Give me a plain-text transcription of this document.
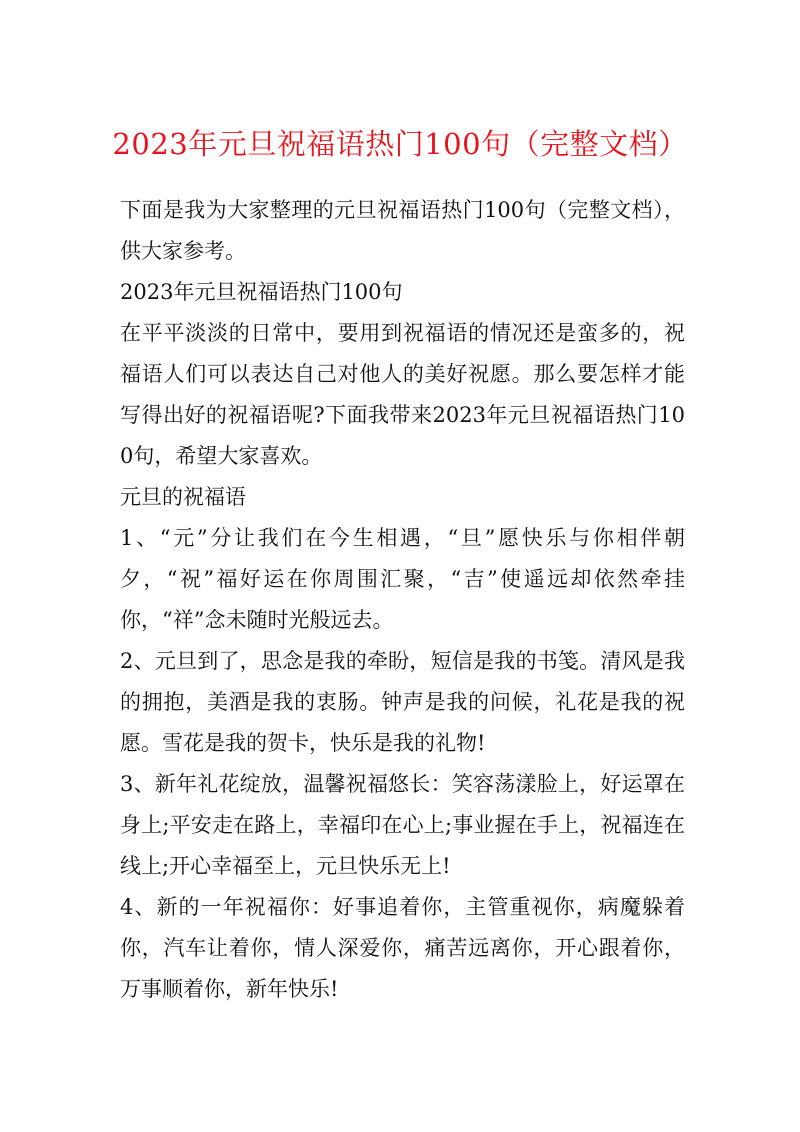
2023年元旦祝福语热门100句（完整文档）

下面是我为大家整理的元旦祝福语热门100句（完整文档），供大家参考。

2023年元旦祝福语热门100句

在平平淡淡的日常中，要用到祝福语的情况还是蛮多的，祝福语人们可以表达自己对他人的美好祝愿。那么要怎样才能写得出好的祝福语呢?下面我带来2023年元旦祝福语热门100句，希望大家喜欢。

元旦的祝福语

1、“元”分让我们在今生相遇，“旦”愿快乐与你相伴朝夕，“祝”福好运在你周围汇聚，“吉”使遥远却依然牵挂你，“祥”念未随时光般远去。

2、元旦到了，思念是我的牵盼，短信是我的书笺。清风是我的拥抱，美酒是我的衷肠。钟声是我的问候，礼花是我的祝愿。雪花是我的贺卡，快乐是我的礼物!

3、新年礼花绽放，温馨祝福悠长：笑容荡漾脸上，好运罩在身上;平安走在路上，幸福印在心上;事业握在手上，祝福连在线上;开心幸福至上，元旦快乐无上!

4、新的一年祝福你：好事追着你，主管重视你，病魔躲着你，汽车让着你，情人深爱你，痛苦远离你，开心跟着你，万事顺着你，新年快乐!
